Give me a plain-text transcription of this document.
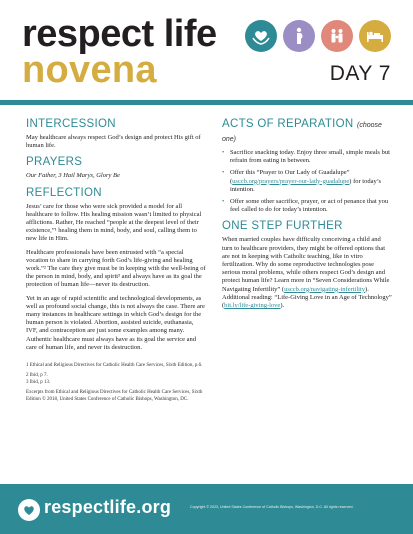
respect life
novena	DAY 7
INTERCESSION

May healthcare always respect God’s design and protect His gift of human life.

PRAYERS

Our Father, 3 Hail Marys, Glory Be

REFLECTION

Jesus’ care for those who were sick provided a model for all healthcare to follow. His healing mission wasn’t limited to physical afflictions. Rather, He reached “people at the deepest level of their existence,”¹ healing them in mind, body, and soul, calling them to new life in Him.

Healthcare professionals have been entrusted with “a special vocation to share in carrying forth God’s life-giving and healing work.”² The care they give must be in keeping with the well-being of the person in mind, body, and spirit³ and always have as its goal the protection of human life—never its destruction.

Yet in an age of rapid scientific and technological developments, as well as profound social change, this is not always the case. There are many instances in healthcare settings in which God’s design for the human person is violated. Abortion, assisted suicide, euthanasia, IVF, and contraception are just some examples among many. Authentic healthcare must always have as its goal the service and care of human life, and never its destruction.

1 Ethical and Religious Directives for Catholic Health Care Services, Sixth Edition, p.6.
2 Ibid, p 7.
3 Ibid, p 13.
Excerpts from Ethical and Religious Directives for Catholic Health Care Services, Sixth Edition © 2018, United States Conference of Catholic Bishops, Washington, DC.
ACTS OF REPARATION (choose one)
• Sacrifice snacking today. Enjoy three small, simple meals but refrain from eating in between.
• Offer this “Prayer to Our Lady of Guadalupe” (usccb.org/prayers/prayer-our-lady-guadalupe) for today’s intention.
• Offer some other sacrifice, prayer, or act of penance that you feel called to do for today’s intention.
ONE STEP FURTHER

When married couples have difficulty conceiving a child and turn to healthcare providers, they might be offered options that are not in keeping with Catholic teaching, like in vitro fertilization. Why do some reproductive technologies pose serious moral problems, while others respect God’s design and protect human life? Learn more in “Seven Considerations While Navigating Infertility” (usccb.org/navigating-infertility). Additional reading: “Life-Giving Love in an Age of Technology” (bit.ly/life-giving-love).

respectlife.org	Copyright © 2023, United States Conference of Catholic Bishops, Washington, D.C. All rights reserved.
